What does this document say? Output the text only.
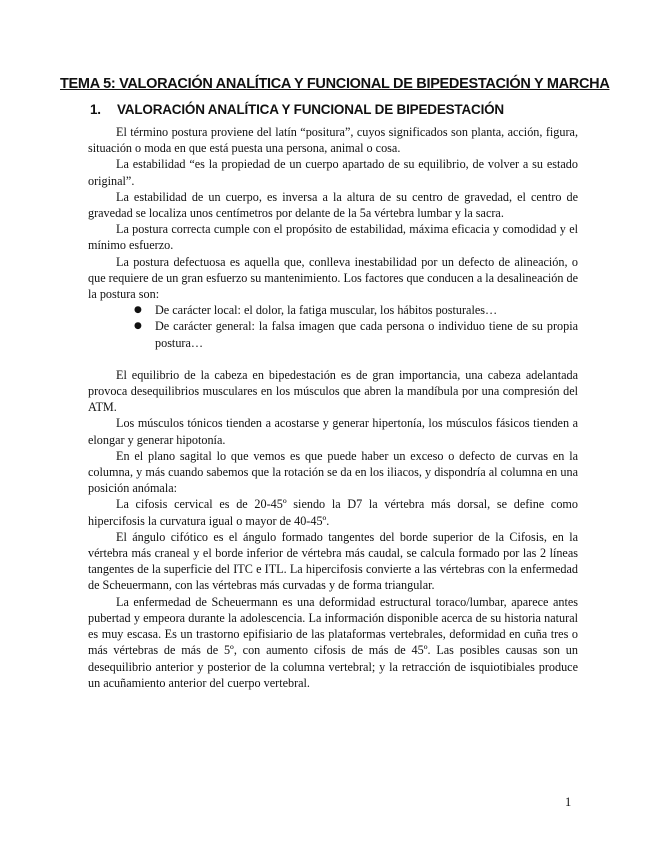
TEMA 5: VALORACIÓN ANALÍTICA Y FUNCIONAL DE BIPEDESTACIÓN Y MARCHA
1. VALORACIÓN ANALÍTICA Y FUNCIONAL DE BIPEDESTACIÓN

El término postura proviene del latín “positura”, cuyos significados son planta, acción, figura, situación o moda en que está puesta una persona, animal o cosa.

La estabilidad “es la propiedad de un cuerpo apartado de su equilibrio, de volver a su estado original”.

La estabilidad de un cuerpo, es inversa a la altura de su centro de gravedad, el centro de gravedad se localiza unos centímetros por delante de la 5a vértebra lumbar y la sacra.

La postura correcta cumple con el propósito de estabilidad, máxima eficacia y comodidad y el mínimo esfuerzo.

La postura defectuosa es aquella que, conlleva inestabilidad por un defecto de alineación, o que requiere de un gran esfuerzo su mantenimiento. Los factores que conducen a la desalineación de la postura son:

● De carácter local: el dolor, la fatiga muscular, los hábitos posturales…
● De carácter general: la falsa imagen que cada persona o individuo tiene de su propia postura…

El equilibrio de la cabeza en bipedestación es de gran importancia, una cabeza adelantada provoca desequilibrios musculares en los músculos que abren la mandíbula por una compresión del ATM.

Los músculos tónicos tienden a acostarse y generar hipertonía, los músculos fásicos tienden a elongar y generar hipotonía.

En el plano sagital lo que vemos es que puede haber un exceso o defecto de curvas en la columna, y más cuando sabemos que la rotación se da en los iliacos, y dispondría al columna en una posición anómala:

La cifosis cervical es de 20-45º siendo la D7 la vértebra más dorsal, se define como hipercifosis la curvatura igual o mayor de 40-45º.

El ángulo cifótico es el ángulo formado tangentes del borde superior de la Cifosis, en la vértebra más craneal y el borde inferior de vértebra más caudal, se calcula formado por las 2 líneas tangentes de la superficie del ITC e ITL. La hipercifosis convierte a las vértebras con la enfermedad de Scheuermann, con las vértebras más curvadas y de forma triangular.

La enfermedad de Scheuermann es una deformidad estructural toraco/lumbar, aparece antes pubertad y empeora durante la adolescencia. La información disponible acerca de su historia natural es muy escasa. Es un trastorno epifisiario de las plataformas vertebrales, deformidad en cuña tres o más vértebras de más de 5º, con aumento cifosis de más de 45º. Las posibles causas son un desequilibrio anterior y posterior de la columna vertebral; y la retracción de isquiotibiales produce un acuñamiento anterior del cuerpo vertebral.

1
